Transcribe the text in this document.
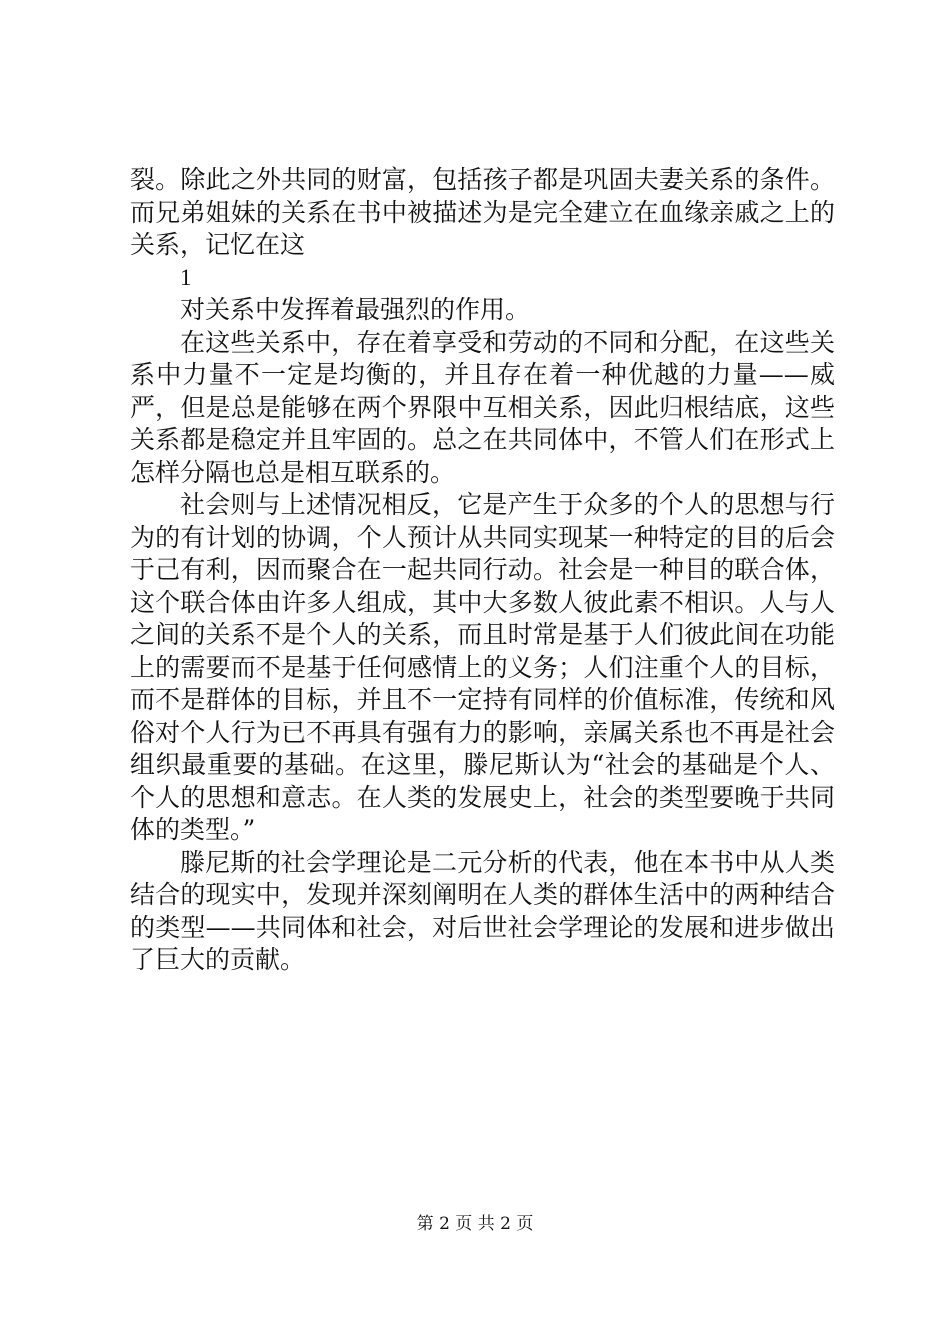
裂。除此之外共同的财富，包括孩子都是巩固夫妻关系的条件。而兄弟姐妹的关系在书中被描述为是完全建立在血缘亲戚之上的关系，记忆在这

1

对关系中发挥着最强烈的作用。

在这些关系中，存在着享受和劳动的不同和分配，在这些关系中力量不一定是均衡的，并且存在着一种优越的力量——威严，但是总是能够在两个界限中互相关系，因此归根结底，这些关系都是稳定并且牢固的。总之在共同体中，不管人们在形式上怎样分隔也总是相互联系的。

社会则与上述情况相反，它是产生于众多的个人的思想与行为的有计划的协调，个人预计从共同实现某一种特定的目的后会于己有利，因而聚合在一起共同行动。社会是一种目的联合体，这个联合体由许多人组成，其中大多数人彼此素不相识。人与人之间的关系不是个人的关系，而且时常是基于人们彼此间在功能上的需要而不是基于任何感情上的义务；人们注重个人的目标，而不是群体的目标，并且不一定持有同样的价值标准，传统和风俗对个人行为已不再具有强有力的影响，亲属关系也不再是社会组织最重要的基础。在这里，滕尼斯认为“社会的基础是个人、个人的思想和意志。在人类的发展史上，社会的类型要晚于共同体的类型。”

滕尼斯的社会学理论是二元分析的代表，他在本书中从人类结合的现实中，发现并深刻阐明在人类的群体生活中的两种结合的类型——共同体和社会，对后世社会学理论的发展和进步做出了巨大的贡献。

第 2 页 共 2 页
